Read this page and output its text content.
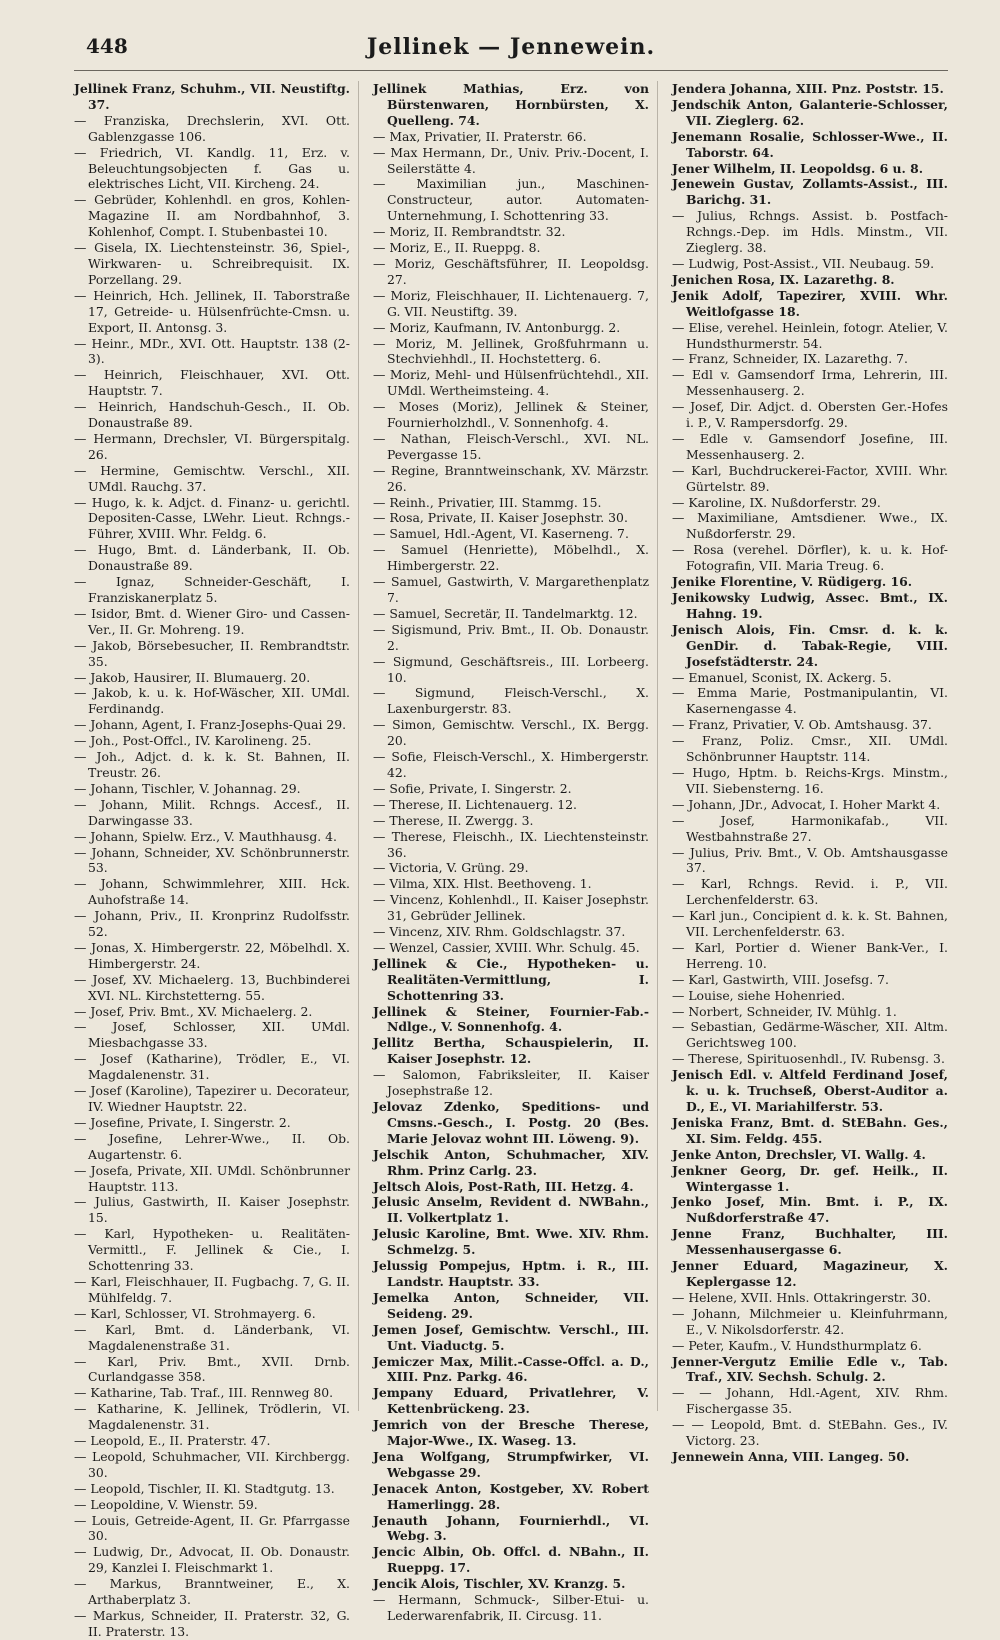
448	Jellinek — Jennewein.

Jellinek Franz, Schuhm., VII. Neustiftg. 37.

— Franziska, Drechslerin, XVI. Ott. Gablenzgasse 106.

— Friedrich, VI. Kandlg. 11, Erz. v. Beleuchtungsobjecten f. Gas u. elektrisches Licht, VII. Kircheng. 24.

— Gebrüder, Kohlenhdl. en gros, Kohlen-Magazine II. am Nordbahnhof, 3. Kohlenhof, Compt. I. Stubenbastei 10.

— Gisela, IX. Liechtensteinstr. 36, Spiel-, Wirkwaren- u. Schreibrequisit. IX. Porzellang. 29.

— Heinrich, Hch. Jellinek, II. Taborstraße 17, Getreide- u. Hülsenfrüchte-Cmsn. u. Export, II. Antonsg. 3.

— Heinr., MDr., XVI. Ott. Hauptstr. 138 (2-3).

— Heinrich, Fleischhauer, XVI. Ott. Hauptstr. 7.

— Heinrich, Handschuh-Gesch., II. Ob. Donaustraße 89.

— Hermann, Drechsler, VI. Bürgerspitalg. 26.

— Hermine, Gemischtw. Verschl., XII. UMdl. Rauchg. 37.

— Hugo, k. k. Adjct. d. Finanz- u. gerichtl. Depositen-Casse, LWehr. Lieut. Rchngs.-Führer, XVIII. Whr. Feldg. 6.

— Hugo, Bmt. d. Länderbank, II. Ob. Donaustraße 89.

— Ignaz, Schneider-Geschäft, I. Franziskanerplatz 5.

— Isidor, Bmt. d. Wiener Giro- und Cassen-Ver., II. Gr. Mohreng. 19.

— Jakob, Börsebesucher, II. Rembrandtstr. 35.

— Jakob, Hausirer, II. Blumauerg. 20.

— Jakob, k. u. k. Hof-Wäscher, XII. UMdl. Ferdinandg.

— Johann, Agent, I. Franz-Josephs-Quai 29.

— Joh., Post-Offcl., IV. Karolineng. 25.

— Joh., Adjct. d. k. k. St. Bahnen, II. Treustr. 26.

— Johann, Tischler, V. Johannag. 29.

— Johann, Milit. Rchngs. Accesf., II. Darwingasse 33.

— Johann, Spielw. Erz., V. Mauthhausg. 4.

— Johann, Schneider, XV. Schönbrunnerstr. 53.

— Johann, Schwimmlehrer, XIII. Hck. Auhofstraße 14.

— Johann, Priv., II. Kronprinz Rudolfsstr. 52.

— Jonas, X. Himbergerstr. 22, Möbelhdl. X. Himbergerstr. 24.

— Josef, XV. Michaelerg. 13, Buchbinderei XVI. NL. Kirchstetterng. 55.

— Josef, Priv. Bmt., XV. Michaelerg. 2.

— Josef, Schlosser, XII. UMdl. Miesbachgasse 33.

— Josef (Katharine), Trödler, E., VI. Magdalenenstr. 31.

— Josef (Karoline), Tapezirer u. Decorateur, IV. Wiedner Hauptstr. 22.

— Josefine, Private, I. Singerstr. 2.

— Josefine, Lehrer-Wwe., II. Ob. Augartenstr. 6.

— Josefa, Private, XII. UMdl. Schönbrunner Hauptstr. 113.

— Julius, Gastwirth, II. Kaiser Josephstr. 15.

— Karl, Hypotheken- u. Realitäten-Vermittl., F. Jellinek & Cie., I. Schottenring 33.

— Karl, Fleischhauer, II. Fugbachg. 7, G. II. Mühlfeldg. 7.

— Karl, Schlosser, VI. Strohmayerg. 6.

— Karl, Bmt. d. Länderbank, VI. Magdalenenstraße 31.

— Karl, Priv. Bmt., XVII. Drnb. Curlandgasse 358.

— Katharine, Tab. Traf., III. Rennweg 80.

— Katharine, K. Jellinek, Trödlerin, VI. Magdalenenstr. 31.

— Leopold, E., II. Praterstr. 47.

— Leopold, Schuhmacher, VII. Kirchbergg. 30.

— Leopold, Tischler, II. Kl. Stadtgutg. 13.

— Leopoldine, V. Wienstr. 59.

— Louis, Getreide-Agent, II. Gr. Pfarrgasse 30.

— Ludwig, Dr., Advocat, II. Ob. Donaustr. 29, Kanzlei I. Fleischmarkt 1.

— Markus, Branntweiner, E., X. Arthaberplatz 3.

— Markus, Schneider, II. Praterstr. 32, G. II. Praterstr. 13.

Jellinek Mathias, Erz. von Bürstenwaren, Hornbürsten, X. Quelleng. 74.

— Max, Privatier, II. Praterstr. 66.

— Max Hermann, Dr., Univ. Priv.-Docent, I. Seilerstätte 4.

— Maximilian jun., Maschinen-Constructeur, autor. Automaten-Unternehmung, I. Schottenring 33.

— Moriz, II. Rembrandtstr. 32.

— Moriz, E., II. Rueppg. 8.

— Moriz, Geschäftsführer, II. Leopoldsg. 27.

— Moriz, Fleischhauer, II. Lichtenauerg. 7, G. VII. Neustiftg. 39.

— Moriz, Kaufmann, IV. Antonburgg. 2.

— Moriz, M. Jellinek, Großfuhrmann u. Stechviehhdl., II. Hochstetterg. 6.

— Moriz, Mehl- und Hülsenfrüchtehdl., XII. UMdl. Wertheimsteing. 4.

— Moses (Moriz), Jellinek & Steiner, Fournierholzhdl., V. Sonnenhofg. 4.

— Nathan, Fleisch-Verschl., XVI. NL. Pevergasse 15.

— Regine, Branntweinschank, XV. Märzstr. 26.

— Reinh., Privatier, III. Stammg. 15.

— Rosa, Private, II. Kaiser Josephstr. 30.

— Samuel, Hdl.-Agent, VI. Kaserneng. 7.

— Samuel (Henriette), Möbelhdl., X. Himbergerstr. 22.

— Samuel, Gastwirth, V. Margarethenplatz 7.

— Samuel, Secretär, II. Tandelmarktg. 12.

— Sigismund, Priv. Bmt., II. Ob. Donaustr. 2.

— Sigmund, Geschäftsreis., III. Lorbeerg. 10.

— Sigmund, Fleisch-Verschl., X. Laxenburgerstr. 83.

— Simon, Gemischtw. Verschl., IX. Bergg. 20.

— Sofie, Fleisch-Verschl., X. Himbergerstr. 42.

— Sofie, Private, I. Singerstr. 2.

— Therese, II. Lichtenauerg. 12.

— Therese, II. Zwergg. 3.

— Therese, Fleischh., IX. Liechtensteinstr. 36.

— Victoria, V. Grüng. 29.

— Vilma, XIX. Hlst. Beethoveng. 1.

— Vincenz, Kohlenhdl., II. Kaiser Josephstr. 31, Gebrüder Jellinek.

— Vincenz, XIV. Rhm. Goldschlagstr. 37.

— Wenzel, Cassier, XVIII. Whr. Schulg. 45.

Jellinek & Cie., Hypotheken- u. Realitäten-Vermittlung, I. Schottenring 33.

Jellinek & Steiner, Fournier-Fab.-Ndlge., V. Sonnenhofg. 4.

Jellitz Bertha, Schauspielerin, II. Kaiser Josephstr. 12.

— Salomon, Fabriksleiter, II. Kaiser Josephstraße 12.

Jelovaz Zdenko, Speditions- und Cmsns.-Gesch., I. Postg. 20 (Bes. Marie Jelovaz wohnt III. Löweng. 9).

Jelschik Anton, Schuhmacher, XIV. Rhm. Prinz Carlg. 23.

Jeltsch Alois, Post-Rath, III. Hetzg. 4.

Jelusic Anselm, Revident d. NWBahn., II. Volkertplatz 1.

Jelusic Karoline, Bmt. Wwe. XIV. Rhm. Schmelzg. 5.

Jelussig Pompejus, Hptm. i. R., III. Landstr. Hauptstr. 33.

Jemelka Anton, Schneider, VII. Seideng. 29.

Jemen Josef, Gemischtw. Verschl., III. Unt. Viaductg. 5.

Jemiczer Max, Milit.-Casse-Offcl. a. D., XIII. Pnz. Parkg. 46.

Jempany Eduard, Privatlehrer, V. Kettenbrückeng. 23.

Jemrich von der Bresche Therese, Major-Wwe., IX. Waseg. 13.

Jena Wolfgang, Strumpfwirker, VI. Webgasse 29.

Jenacek Anton, Kostgeber, XV. Robert Hamerlingg. 28.

Jenauth Johann, Fournierhdl., VI. Webg. 3.

Jencic Albin, Ob. Offcl. d. NBahn., II. Rueppg. 17.

Jencik Alois, Tischler, XV. Kranzg. 5.

— Hermann, Schmuck-, Silber-Etui- u. Lederwarenfabrik, II. Circusg. 11.

Jendera Johanna, XIII. Pnz. Poststr. 15.

Jendschik Anton, Galanterie-Schlosser, VII. Zieglerg. 62.

Jenemann Rosalie, Schlosser-Wwe., II. Taborstr. 64.

Jener Wilhelm, II. Leopoldsg. 6 u. 8.

Jenewein Gustav, Zollamts-Assist., III. Barichg. 31.

— Julius, Rchngs. Assist. b. Postfach-Rchngs.-Dep. im Hdls. Minstm., VII. Zieglerg. 38.

— Ludwig, Post-Assist., VII. Neubaug. 59.

Jenichen Rosa, IX. Lazarethg. 8.

Jenik Adolf, Tapezirer, XVIII. Whr. Weitlofgasse 18.

— Elise, verehel. Heinlein, fotogr. Atelier, V. Hundsthurmerstr. 54.

— Franz, Schneider, IX. Lazarethg. 7.

— Edl v. Gamsendorf Irma, Lehrerin, III. Messenhauserg. 2.

— Josef, Dir. Adjct. d. Obersten Ger.-Hofes i. P., V. Rampersdorfg. 29.

— Edle v. Gamsendorf Josefine, III. Messenhauserg. 2.

— Karl, Buchdruckerei-Factor, XVIII. Whr. Gürtelstr. 89.

— Karoline, IX. Nußdorferstr. 29.

— Maximiliane, Amtsdiener. Wwe., IX. Nußdorferstr. 29.

— Rosa (verehel. Dörfler), k. u. k. Hof-Fotografin, VII. Maria Treug. 6.

Jenike Florentine, V. Rüdigerg. 16.

Jenikowsky Ludwig, Assec. Bmt., IX. Hahng. 19.

Jenisch Alois, Fin. Cmsr. d. k. k. GenDir. d. Tabak-Regie, VIII. Josefstädterstr. 24.

— Emanuel, Sconist, IX. Ackerg. 5.

— Emma Marie, Postmanipulantin, VI. Kasernengasse 4.

— Franz, Privatier, V. Ob. Amtshausg. 37.

— Franz, Poliz. Cmsr., XII. UMdl. Schönbrunner Hauptstr. 114.

— Hugo, Hptm. b. Reichs-Krgs. Minstm., VII. Siebensterng. 16.

— Johann, JDr., Advocat, I. Hoher Markt 4.

— Josef, Harmonikafab., VII. Westbahnstraße 27.

— Julius, Priv. Bmt., V. Ob. Amtshausgasse 37.

— Karl, Rchngs. Revid. i. P., VII. Lerchenfelderstr. 63.

— Karl jun., Concipient d. k. k. St. Bahnen, VII. Lerchenfelderstr. 63.

— Karl, Portier d. Wiener Bank-Ver., I. Herreng. 10.

— Karl, Gastwirth, VIII. Josefsg. 7.

— Louise, siehe Hohenried.

— Norbert, Schneider, IV. Mühlg. 1.

— Sebastian, Gedärme-Wäscher, XII. Altm. Gerichtsweg 100.

— Therese, Spirituosenhdl., IV. Rubensg. 3.

Jenisch Edl. v. Altfeld Ferdinand Josef, k. u. k. Truchseß, Oberst-Auditor a. D., E., VI. Mariahilferstr. 53.

Jeniska Franz, Bmt. d. StEBahn. Ges., XI. Sim. Feldg. 455.

Jenke Anton, Drechsler, VI. Wallg. 4.

Jenkner Georg, Dr. gef. Heilk., II. Wintergasse 1.

Jenko Josef, Min. Bmt. i. P., IX. Nußdorferstraße 47.

Jenne Franz, Buchhalter, III. Messenhausergasse 6.

Jenner Eduard, Magazineur, X. Keplergasse 12.

— Helene, XVII. Hnls. Ottakringerstr. 30.

— Johann, Milchmeier u. Kleinfuhrmann, E., V. Nikolsdorferstr. 42.

— Peter, Kaufm., V. Hundsthurmplatz 6.

Jenner-Vergutz Emilie Edle v., Tab. Traf., XIV. Sechsh. Schulg. 2.

— — Johann, Hdl.-Agent, XIV. Rhm. Fischergasse 35.

— — Leopold, Bmt. d. StEBahn. Ges., IV. Victorg. 23.

Jennewein Anna, VIII. Langeg. 50.
